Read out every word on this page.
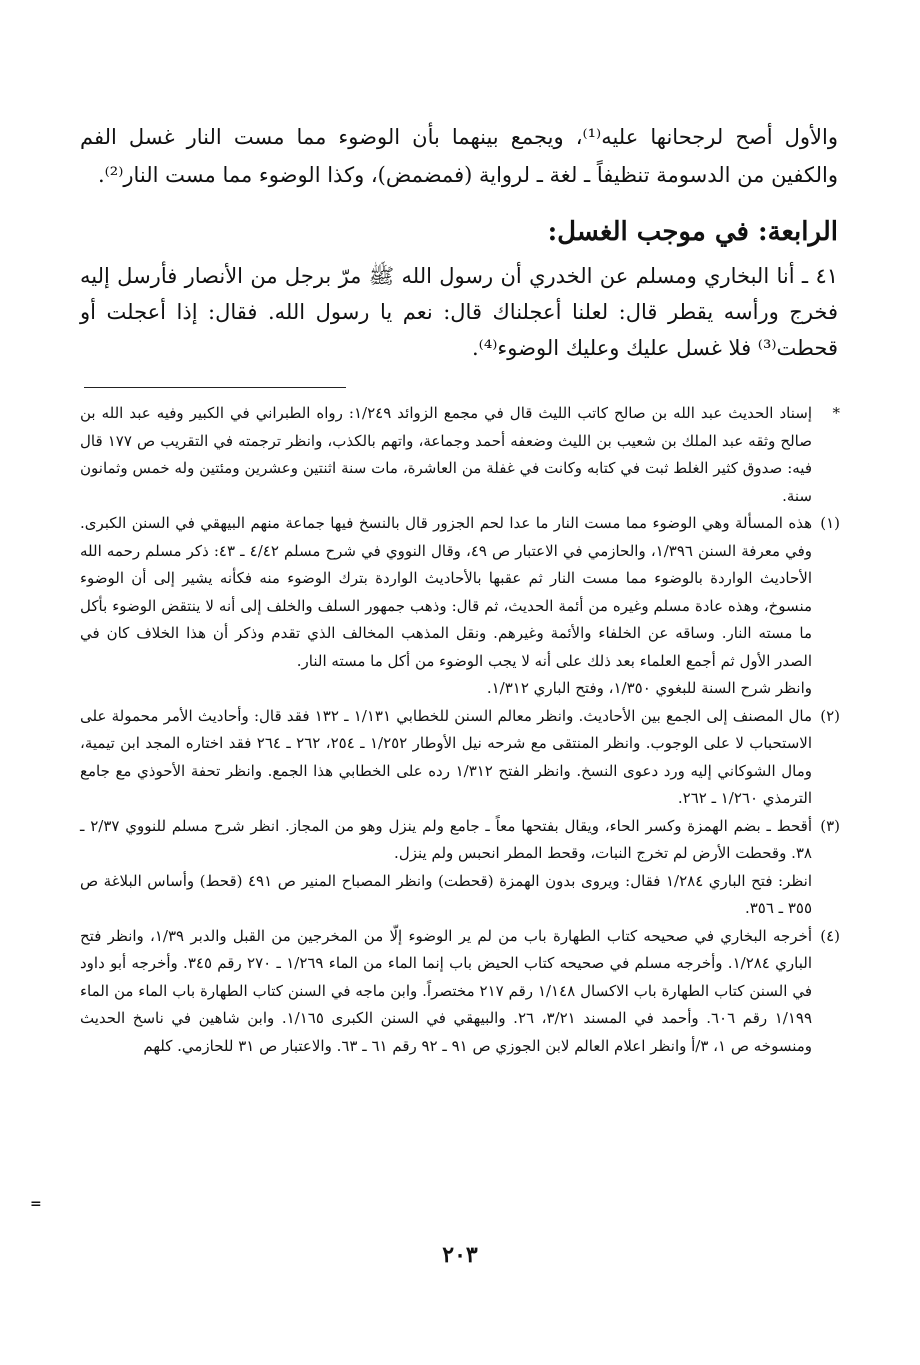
والأول أصح لرجحانها عليه⁽¹⁾، ويجمع بينهما بأن الوضوء مما مست النار غسل الفم والكفين من الدسومة تنظيفاً ـ لغة ـ لرواية (فمضمض)، وكذا الوضوء مما مست النار⁽²⁾.

الرابعة: في موجب الغسل:

٤١ ـ أنا البخاري ومسلم عن الخدري أن رسول الله ﷺ مرّ برجل من الأنصار فأرسل إليه فخرج ورأسه يقطر قال: لعلنا أعجلناك قال: نعم يا رسول الله. فقال: إذا أعجلت أو قحطت⁽³⁾ فلا غسل عليك وعليك الوضوء⁽⁴⁾.

*
إسناد الحديث عبد الله بن صالح كاتب الليث قال في مجمع الزوائد ١/٢٤٩: رواه الطبراني في الكبير وفيه عبد الله بن صالح وثقه عبد الملك بن شعيب بن الليث وضعفه أحمد وجماعة، واتهم بالكذب، وانظر ترجمته في التقريب ص ١٧٧ قال فيه: صدوق كثير الغلط ثبت في كتابه وكانت في غفلة من العاشرة، مات سنة اثنتين وعشرين ومئتين وله خمس وثمانون سنة.
(١)
هذه المسألة وهي الوضوء مما مست النار ما عدا لحم الجزور قال بالنسخ فيها جماعة منهم البيهقي في السنن الكبرى. وفي معرفة السنن ١/٣٩٦، والحازمي في الاعتبار ص ٤٩، وقال النووي في شرح مسلم ٤/٤٢ ـ ٤٣: ذكر مسلم رحمه الله الأحاديث الواردة بالوضوء مما مست النار ثم عقبها بالأحاديث الواردة بترك الوضوء منه فكأنه يشير إلى أن الوضوء منسوخ، وهذه عادة مسلم وغيره من أئمة الحديث، ثم قال: وذهب جمهور السلف والخلف إلى أنه لا ينتقض الوضوء بأكل ما مسته النار. وساقه عن الخلفاء والأئمة وغيرهم. ونقل المذهب المخالف الذي تقدم وذكر أن هذا الخلاف كان في الصدر الأول ثم أجمع العلماء بعد ذلك على أنه لا يجب الوضوء من أكل ما مسته النار.
وانظر شرح السنة للبغوي ١/٣٥٠، وفتح الباري ١/٣١٢.
(٢)
مال المصنف إلى الجمع بين الأحاديث. وانظر معالم السنن للخطابي ١/١٣١ ـ ١٣٢ فقد قال: وأحاديث الأمر محمولة على الاستحباب لا على الوجوب. وانظر المنتقى مع شرحه نيل الأوطار ١/٢٥٢ ـ ٢٥٤، ٢٦٢ ـ ٢٦٤ فقد اختاره المجد ابن تيمية، ومال الشوكاني إليه ورد دعوى النسخ. وانظر الفتح ١/٣١٢ رده على الخطابي هذا الجمع. وانظر تحفة الأحوذي مع جامع الترمذي ١/٢٦٠ ـ ٢٦٢.
(٣)
أقحط ـ بضم الهمزة وكسر الحاء، ويقال بفتحها معاً ـ جامع ولم ينزل وهو من المجاز. انظر شرح مسلم للنووي ٢/٣٧ ـ ٣٨. وقحطت الأرض لم تخرج النبات، وقحط المطر انحبس ولم ينزل.
انظر: فتح الباري ١/٢٨٤ فقال: ويروى بدون الهمزة (قحطت) وانظر المصباح المنير ص ٤٩١ (قحط) وأساس البلاغة ص ٣٥٥ ـ ٣٥٦.
(٤)
أخرجه البخاري في صحيحه كتاب الطهارة باب من لم ير الوضوء إلّا من المخرجين من القبل والدبر ١/٣٩، وانظر فتح الباري ١/٢٨٤. وأخرجه مسلم في صحيحه كتاب الحيض باب إنما الماء من الماء ١/٢٦٩ ـ ٢٧٠ رقم ٣٤٥. وأخرجه أبو داود في السنن كتاب الطهارة باب الاكسال ١/١٤٨ رقم ٢١٧ مختصراً. وابن ماجه في السنن كتاب الطهارة باب الماء من الماء ١/١٩٩ رقم ٦٠٦. وأحمد في المسند ٣/٢١، ٢٦. والبيهقي في السنن الكبرى ١/١٦٥. وابن شاهين في ناسخ الحديث ومنسوخه ص ١، ٣/أ وانظر اعلام العالم لابن الجوزي ص ٩١ ـ ٩٢ رقم ٦١ ـ ٦٣. والاعتبار ص ٣١ للحازمي. كلهم
=
٢٠٣
